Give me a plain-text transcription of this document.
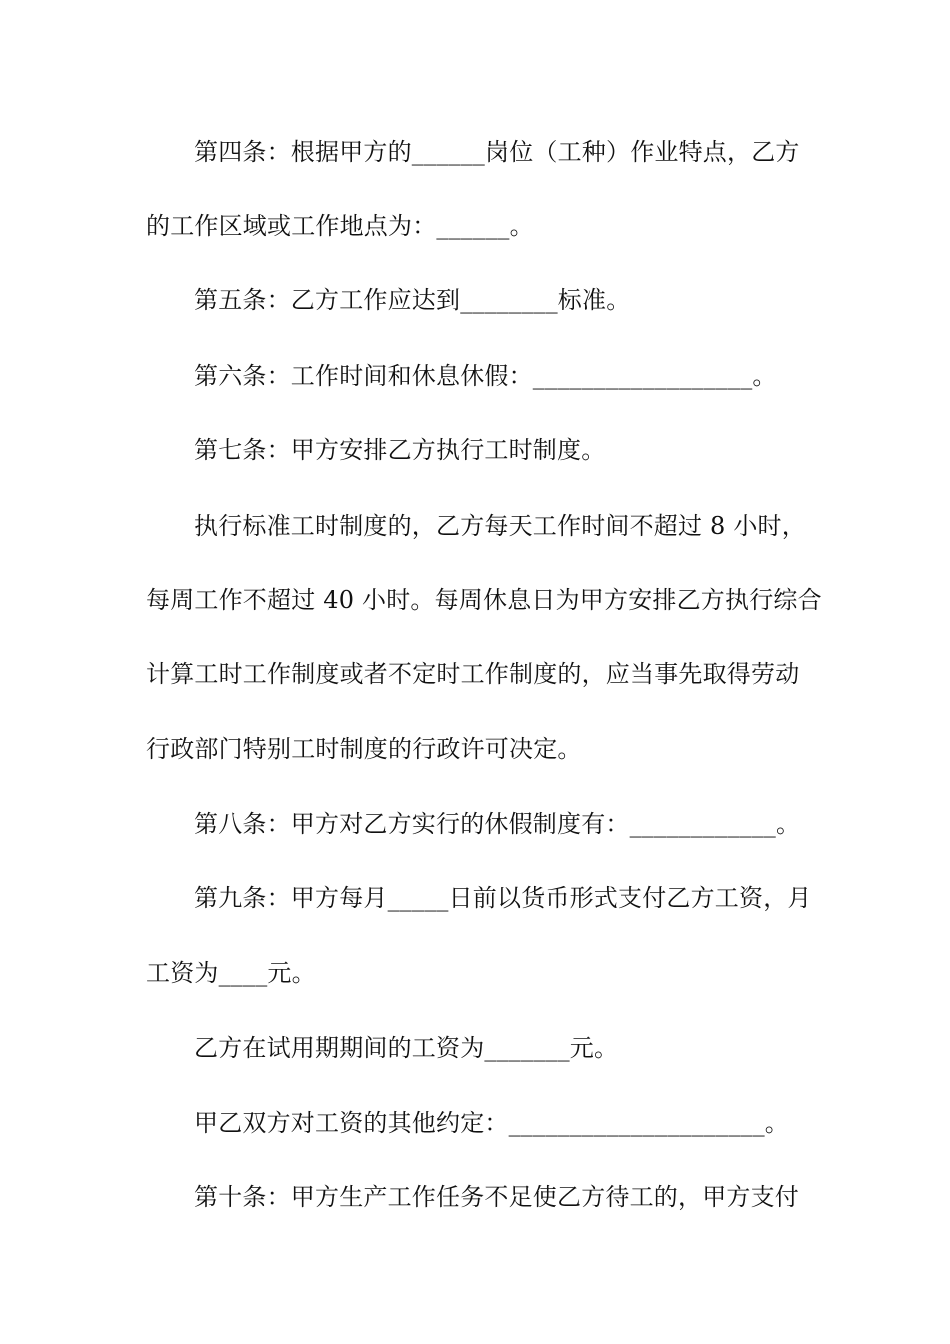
第四条：根据甲方的______岗位（工种）作业特点，乙方
的工作区域或工作地点为：______。
第五条：乙方工作应达到________标准。
第六条：工作时间和休息休假：__________________。
第七条：甲方安排乙方执行工时制度。
执行标准工时制度的，乙方每天工作时间不超过 8 小时，
每周工作不超过 40 小时。每周休息日为甲方安排乙方执行综合
计算工时工作制度或者不定时工作制度的，应当事先取得劳动
行政部门特别工时制度的行政许可决定。
第八条：甲方对乙方实行的休假制度有：____________。
第九条：甲方每月_____日前以货币形式支付乙方工资，月
工资为____元。
乙方在试用期期间的工资为_______元。
甲乙双方对工资的其他约定：_____________________。
第十条：甲方生产工作任务不足使乙方待工的，甲方支付
